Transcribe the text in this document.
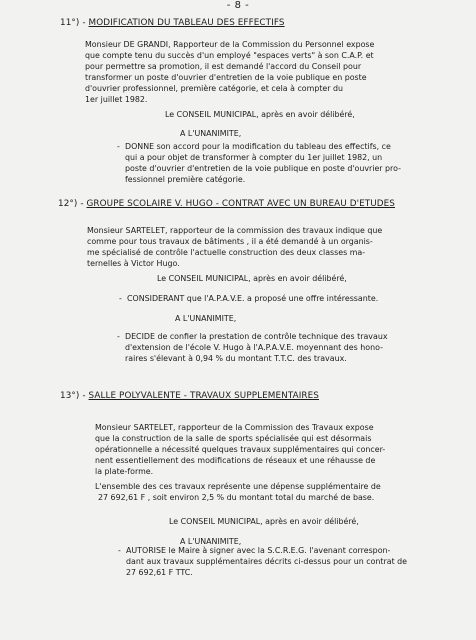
- 8 -
11°) - MODIFICATION DU TABLEAU DES EFFECTIFS
Monsieur DE GRANDI, Rapporteur de la Commission du Personnel expose
que compte tenu du succès d'un employé "espaces verts" à son C.A.P. et
pour permettre sa promotion, il est demandé l'accord du Conseil pour
transformer un poste d'ouvrier d'entretien de la voie publique en poste
d'ouvrier professionnel, première catégorie, et cela à compter du
1er juillet 1982.
Le CONSEIL MUNICIPAL, après en avoir délibéré,
A L'UNANIMITE,
- DONNE son accord pour la modification du tableau des effectifs, ce
qui a pour objet de transformer à compter du 1er juillet 1982, un
poste d'ouvrier d'entretien de la voie publique en poste d'ouvrier pro-
fessionnel première catégorie.
12°) - GROUPE SCOLAIRE V. HUGO - CONTRAT AVEC UN BUREAU D'ETUDES
Monsieur SARTELET, rapporteur de la commission des travaux indique que
comme pour tous travaux de bâtiments , il a été demandé à un organis-
me spécialisé de contrôle l'actuelle construction des deux classes ma-
ternelles à Victor Hugo.
Le CONSEIL MUNICIPAL, après en avoir délibéré,
- CONSIDERANT que l'A.P.A.V.E. a proposé une offre intéressante.
A L'UNANIMITE,
- DECIDE de confier la prestation de contrôle technique des travaux
d'extension de l'école V. Hugo à l'A.P.A.V.E. moyennant des hono-
raires s'élevant à 0,94 % du montant T.T.C. des travaux.
13°) - SALLE POLYVALENTE - TRAVAUX SUPPLEMENTAIRES
Monsieur SARTELET, rapporteur de la Commission des Travaux expose
que la construction de la salle de sports spécialisée qui est désormais
opérationnelle a nécessité quelques travaux supplémentaires qui concer-
nent essentiellement des modifications de réseaux et une réhausse de
la plate-forme.
L'ensemble des ces travaux représente une dépense supplémentaire de
27 692,61 F , soit environ 2,5 % du montant total du marché de base.
Le CONSEIL MUNICIPAL, après en avoir délibéré,
A L'UNANIMITE,
- AUTORISE le Maire à signer avec la S.C.R.E.G. l'avenant correspon-
dant aux travaux supplémentaires décrits ci-dessus pour un contrat de
27 692,61 F TTC.
